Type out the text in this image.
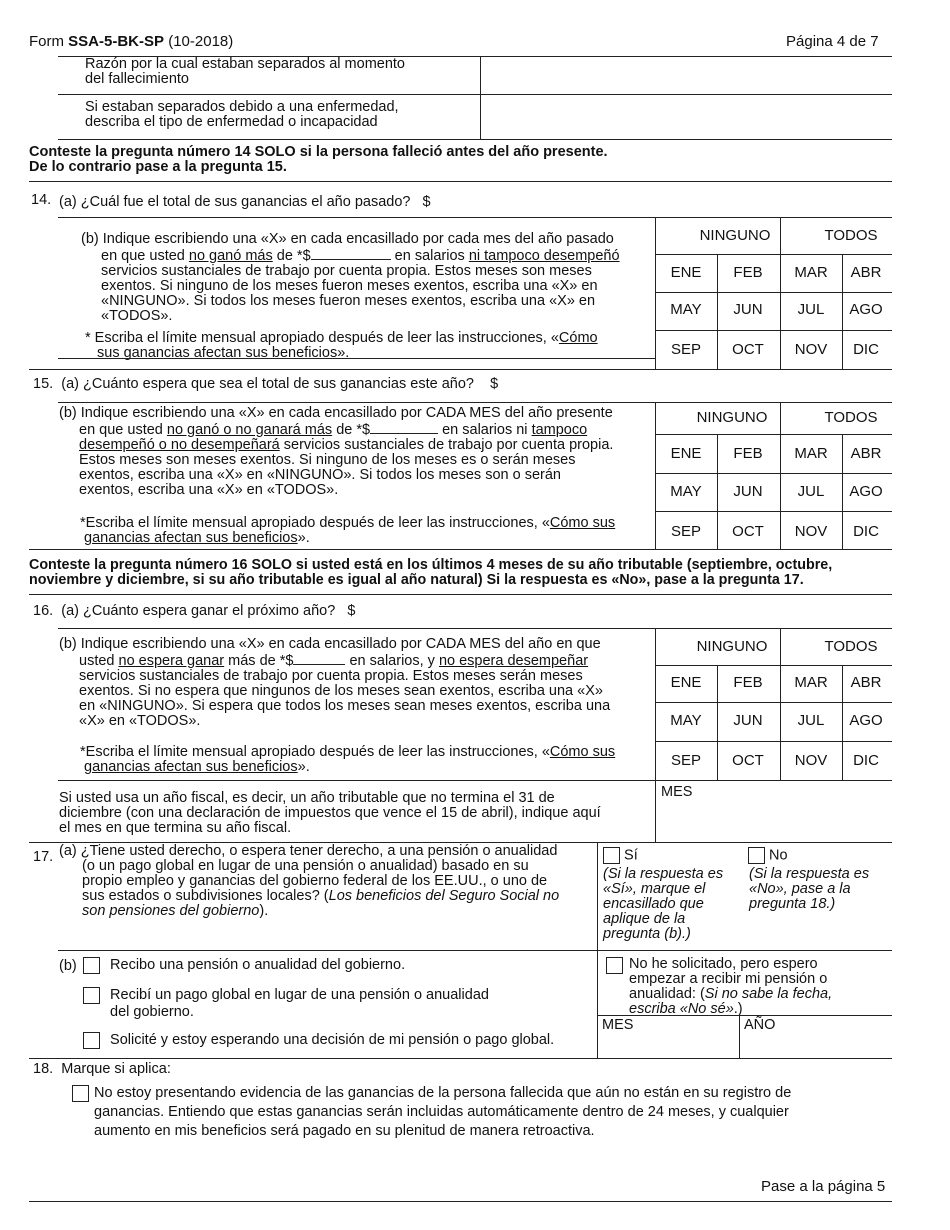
Form SSA-5-BK-SP (10-2018)	Página 4 de 7
Razón por la cual estaban separados al momento
del fallecimiento
Si estaban separados debido a una enfermedad,
describa el tipo de enfermedad o incapacidad
Conteste la pregunta número 14 SOLO si la persona falleció antes del año presente.
De lo contrario pase a la pregunta 15.
14. (a) ¿Cuál fue el total de sus ganancias el año pasado? $
(b) Indique escribiendo una «X» en cada encasillado por cada mes del año pasado
en que usted no ganó más de *$	en salarios ni tampoco desempeñó
servicios sustanciales de trabajo por cuenta propia. Estos meses son meses
exentos. Si ninguno de los meses fueron meses exentos, escriba una «X» en
«NINGUNO». Si todos los meses fueron meses exentos, escriba una «X» en
«TODOS».
* Escriba el límite mensual apropiado después de leer las instrucciones, «Cómo
sus ganancias afectan sus beneficios».
NINGUNO	TODOS
ENE	FEB	MAR	ABR
MAY	JUN	JUL	AGO
SEP	OCT	NOV	DIC
15. (a) ¿Cuánto espera que sea el total de sus ganancias este año? $
(b) Indique escribiendo una «X» en cada encasillado por CADA MES del año presente
en que usted no ganó o no ganará más de *$	en salarios ni tampoco
desempeñó o no desempeñará servicios sustanciales de trabajo por cuenta propia.
Estos meses son meses exentos. Si ninguno de los meses es o serán meses
exentos, escriba una «X» en «NINGUNO». Si todos los meses son o serán
exentos, escriba una «X» en «TODOS».
*Escriba el límite mensual apropiado después de leer las instrucciones, «Cómo sus
ganancias afectan sus beneficios».
NINGUNO	TODOS
ENE	FEB	MAR	ABR
MAY	JUN	JUL	AGO
SEP	OCT	NOV	DIC
Conteste la pregunta número 16 SOLO si usted está en los últimos 4 meses de su año tributable (septiembre, octubre,
noviembre y diciembre, si su año tributable es igual al año natural) Si la respuesta es «No», pase a la pregunta 17.
16. (a) ¿Cuánto espera ganar el próximo año? $
(b) Indique escribiendo una «X» en cada encasillado por CADA MES del año en que
usted no espera ganar más de *$	en salarios, y no espera desempeñar
servicios sustanciales de trabajo por cuenta propia. Estos meses serán meses
exentos. Si no espera que ningunos de los meses sean exentos, escriba una «X»
en «NINGUNO». Si espera que todos los meses sean meses exentos, escriba una
«X» en «TODOS».
*Escriba el límite mensual apropiado después de leer las instrucciones, «Cómo sus
ganancias afectan sus beneficios».
NINGUNO	TODOS
ENE	FEB	MAR	ABR
MAY	JUN	JUL	AGO
SEP	OCT	NOV	DIC
Si usted usa un año fiscal, es decir, un año tributable que no termina el 31 de
diciembre (con una declaración de impuestos que vence el 15 de abril), indique aquí
el mes en que termina su año fiscal.
MES
17. (a) ¿Tiene usted derecho, o espera tener derecho, a una pensión o anualidad
(o un pago global en lugar de una pensión o anualidad) basado en su
propio empleo y ganancias del gobierno federal de los EE.UU., o uno de
sus estados o subdivisiones locales? (Los beneficios del Seguro Social no
son pensiones del gobierno).
Sí
(Si la respuesta es
«Sí», marque el
encasillado que
aplique de la
pregunta (b).)
No
(Si la respuesta es
«No», pase a la
pregunta 18.)
(b)	Recibo una pensión o anualidad del gobierno.
Recibí un pago global en lugar de una pensión o anualidad
del gobierno.
Solicité y estoy esperando una decisión de mi pensión o pago global.
No he solicitado, pero espero
empezar a recibir mi pensión o
anualidad: (Si no sabe la fecha,
escriba «No sé».)
MES	AÑO
18. Marque si aplica:
No estoy presentando evidencia de las ganancias de la persona fallecida que aún no están en su registro de
ganancias. Entiendo que estas ganancias serán incluidas automáticamente dentro de 24 meses, y cualquier
aumento en mis beneficios será pagado en su plenitud de manera retroactiva.
Pase a la página 5
